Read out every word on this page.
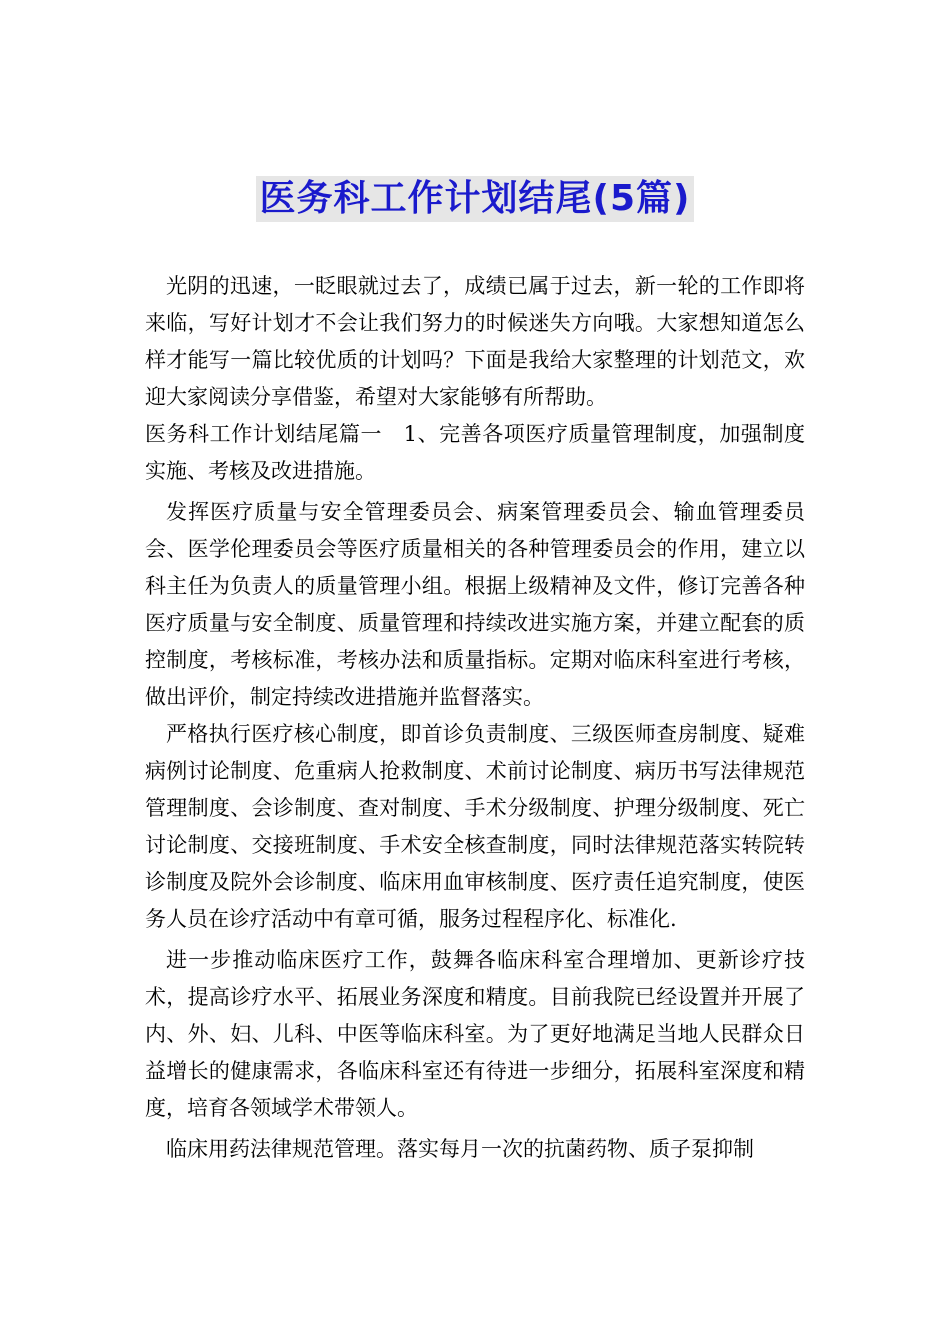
医务科工作计划结尾(5篇)

光阴的迅速，一眨眼就过去了，成绩已属于过去，新一轮的工作即将来临，写好计划才不会让我们努力的时候迷失方向哦。大家想知道怎么样才能写一篇比较优质的计划吗？下面是我给大家整理的计划范文，欢迎大家阅读分享借鉴，希望对大家能够有所帮助。

医务科工作计划结尾篇一　1、完善各项医疗质量管理制度，加强制度实施、考核及改进措施。

发挥医疗质量与安全管理委员会、病案管理委员会、输血管理委员会、医学伦理委员会等医疗质量相关的各种管理委员会的作用，建立以科主任为负责人的质量管理小组。根据上级精神及文件，修订完善各种医疗质量与安全制度、质量管理和持续改进实施方案，并建立配套的质控制度，考核标准，考核办法和质量指标。定期对临床科室进行考核，做出评价，制定持续改进措施并监督落实。

严格执行医疗核心制度，即首诊负责制度、三级医师查房制度、疑难病例讨论制度、危重病人抢救制度、术前讨论制度、病历书写法律规范管理制度、会诊制度、查对制度、手术分级制度、护理分级制度、死亡讨论制度、交接班制度、手术安全核查制度，同时法律规范落实转院转诊制度及院外会诊制度、临床用血审核制度、医疗责任追究制度，使医务人员在诊疗活动中有章可循，服务过程程序化、标准化.

进一步推动临床医疗工作，鼓舞各临床科室合理增加、更新诊疗技术，提高诊疗水平、拓展业务深度和精度。目前我院已经设置并开展了内、外、妇、儿科、中医等临床科室。为了更好地满足当地人民群众日益增长的健康需求，各临床科室还有待进一步细分，拓展科室深度和精度，培育各领域学术带领人。

临床用药法律规范管理。落实每月一次的抗菌药物、质子泵抑制
